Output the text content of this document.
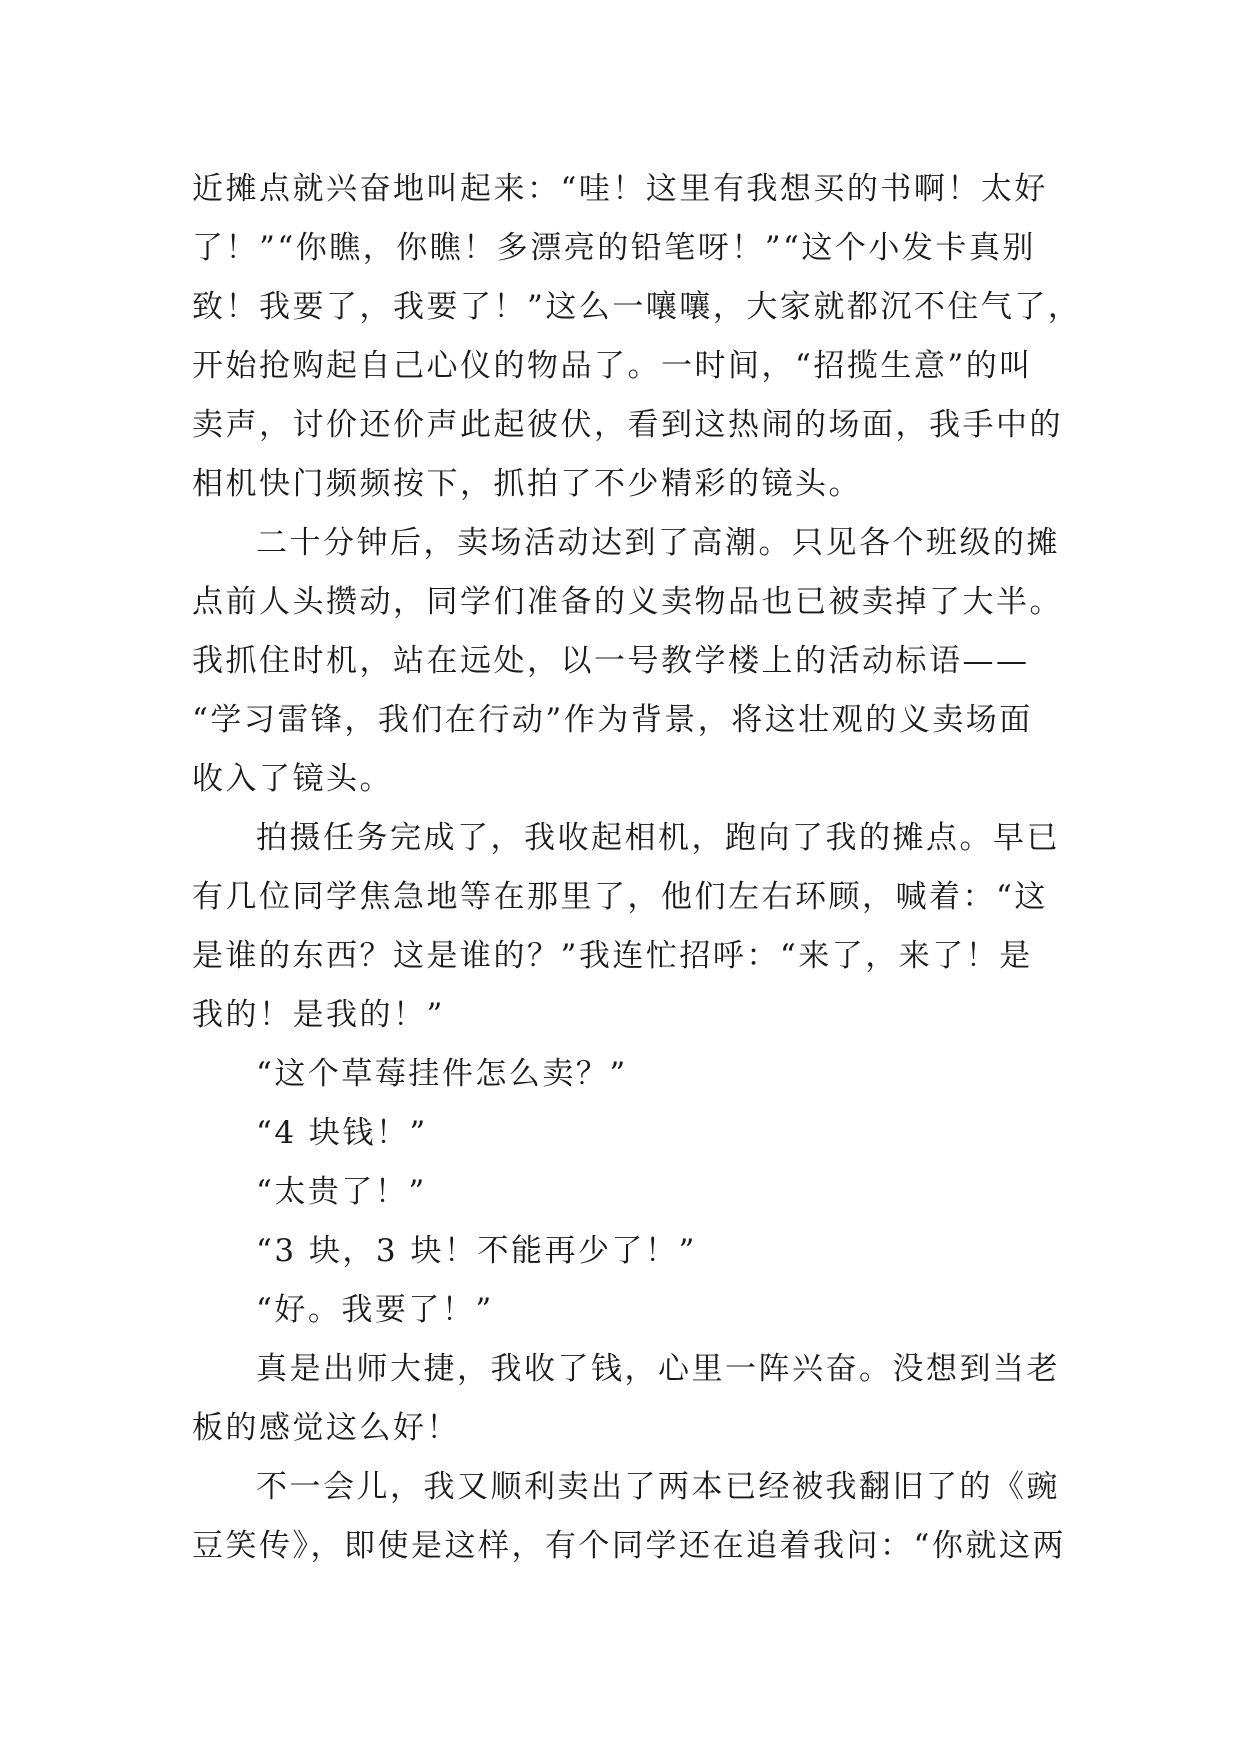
近摊点就兴奋地叫起来：“哇！这里有我想买的书啊！太好
了！”“你瞧，你瞧！多漂亮的铅笔呀！”“这个小发卡真别
致！我要了，我要了！”这么一嚷嚷，大家就都沉不住气了，
开始抢购起自己心仪的物品了。一时间，“招揽生意”的叫
卖声，讨价还价声此起彼伏，看到这热闹的场面，我手中的
相机快门频频按下，抓拍了不少精彩的镜头。
二十分钟后，卖场活动达到了高潮。只见各个班级的摊
点前人头攒动，同学们准备的义卖物品也已被卖掉了大半。
我抓住时机，站在远处，以一号教学楼上的活动标语——
“学习雷锋，我们在行动”作为背景，将这壮观的义卖场面
收入了镜头。
拍摄任务完成了，我收起相机，跑向了我的摊点。早已
有几位同学焦急地等在那里了，他们左右环顾，喊着：“这
是谁的东西？这是谁的？”我连忙招呼：“来了，来了！是
我的！是我的！”
“这个草莓挂件怎么卖？”
“4 块钱！”
“太贵了！”
“3 块，3 块！不能再少了！”
“好。我要了！”
真是出师大捷，我收了钱，心里一阵兴奋。没想到当老
板的感觉这么好！
不一会儿，我又顺利卖出了两本已经被我翻旧了的《豌
豆笑传》，即使是这样，有个同学还在追着我问：“你就这两
